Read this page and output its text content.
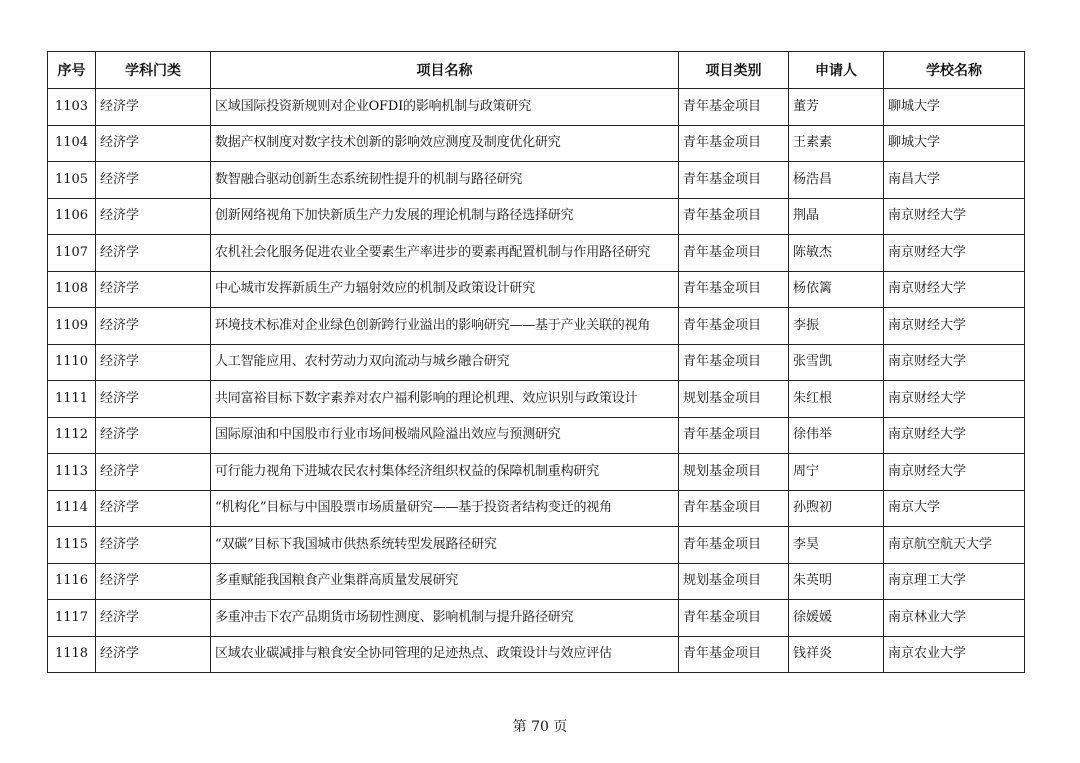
序号	学科门类	项目名称	项目类别	申请人	学校名称
1103	经济学	区域国际投资新规则对企业OFDI的影响机制与政策研究	青年基金项目	董芳	聊城大学
1104	经济学	数据产权制度对数字技术创新的影响效应测度及制度优化研究	青年基金项目	王素素	聊城大学
1105	经济学	数智融合驱动创新生态系统韧性提升的机制与路径研究	青年基金项目	杨浩昌	南昌大学
1106	经济学	创新网络视角下加快新质生产力发展的理论机制与路径选择研究	青年基金项目	荆晶	南京财经大学
1107	经济学	农机社会化服务促进农业全要素生产率进步的要素再配置机制与作用路径研究	青年基金项目	陈敏杰	南京财经大学
1108	经济学	中心城市发挥新质生产力辐射效应的机制及政策设计研究	青年基金项目	杨依篱	南京财经大学
1109	经济学	环境技术标准对企业绿色创新跨行业溢出的影响研究——基于产业关联的视角	青年基金项目	李振	南京财经大学
1110	经济学	人工智能应用、农村劳动力双向流动与城乡融合研究	青年基金项目	张雪凯	南京财经大学
1111	经济学	共同富裕目标下数字素养对农户福利影响的理论机理、效应识别与政策设计	规划基金项目	朱红根	南京财经大学
1112	经济学	国际原油和中国股市行业市场间极端风险溢出效应与预测研究	青年基金项目	徐伟举	南京财经大学
1113	经济学	可行能力视角下进城农民农村集体经济组织权益的保障机制重构研究	规划基金项目	周宁	南京财经大学
1114	经济学	“机构化”目标与中国股票市场质量研究——基于投资者结构变迁的视角	青年基金项目	孙煦初	南京大学
1115	经济学	“双碳”目标下我国城市供热系统转型发展路径研究	青年基金项目	李昊	南京航空航天大学
1116	经济学	多重赋能我国粮食产业集群高质量发展研究	规划基金项目	朱英明	南京理工大学
1117	经济学	多重冲击下农产品期货市场韧性测度、影响机制与提升路径研究	青年基金项目	徐媛媛	南京林业大学
1118	经济学	区域农业碳减排与粮食安全协同管理的足迹热点、政策设计与效应评估	青年基金项目	钱祥炎	南京农业大学
第 70 页
